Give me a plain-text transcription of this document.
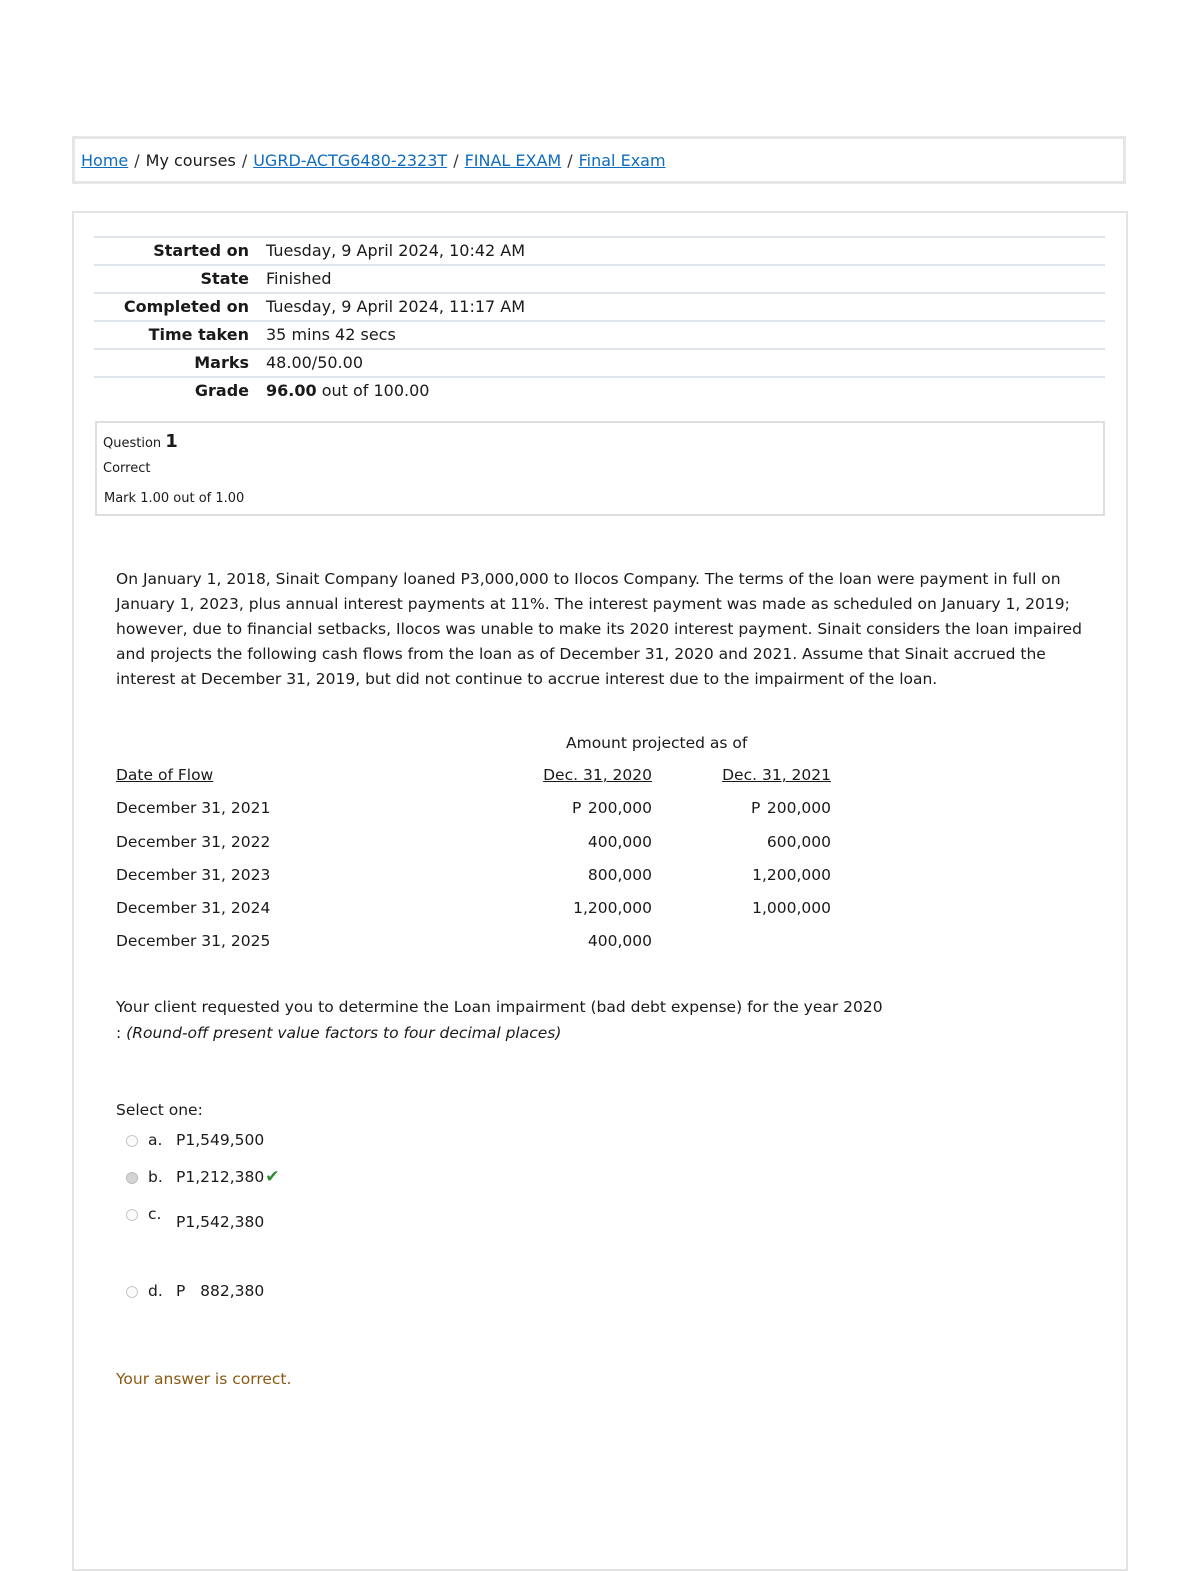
Home / My courses / UGRD-ACTG6480-2323T / FINAL EXAM / Final Exam
Started on Tuesday, 9 April 2024, 10:42 AM
State Finished
Completed on Tuesday, 9 April 2024, 11:17 AM
Time taken 35 mins 42 secs
Marks 48.00/50.00
Grade 96.00 out of 100.00
Question 1
Correct
Mark 1.00 out of 1.00
On January 1, 2018, Sinait Company loaned P3,000,000 to Ilocos Company. The terms of the loan were payment in full on January 1, 2023, plus annual interest payments at 11%. The interest payment was made as scheduled on January 1, 2019; however, due to financial setbacks, Ilocos was unable to make its 2020 interest payment. Sinait considers the loan impaired and projects the following cash flows from the loan as of December 31, 2020 and 2021. Assume that Sinait accrued the interest at December 31, 2019, but did not continue to accrue interest due to the impairment of the loan.
Amount projected as of
Date of Flow	Dec. 31, 2020	Dec. 31, 2021
December 31, 2021	P 200,000	P 200,000
December 31, 2022	400,000	600,000
December 31, 2023	800,000	1,200,000
December 31, 2024	1,200,000	1,000,000
December 31, 2025	400,000
Your client requested you to determine the Loan impairment (bad debt expense) for the year 2020
: (Round-off present value factors to four decimal places)
Select one:
a. P1,549,500
b. P1,212,380✔
c. P1,542,380
d. P   882,380
Your answer is correct.
